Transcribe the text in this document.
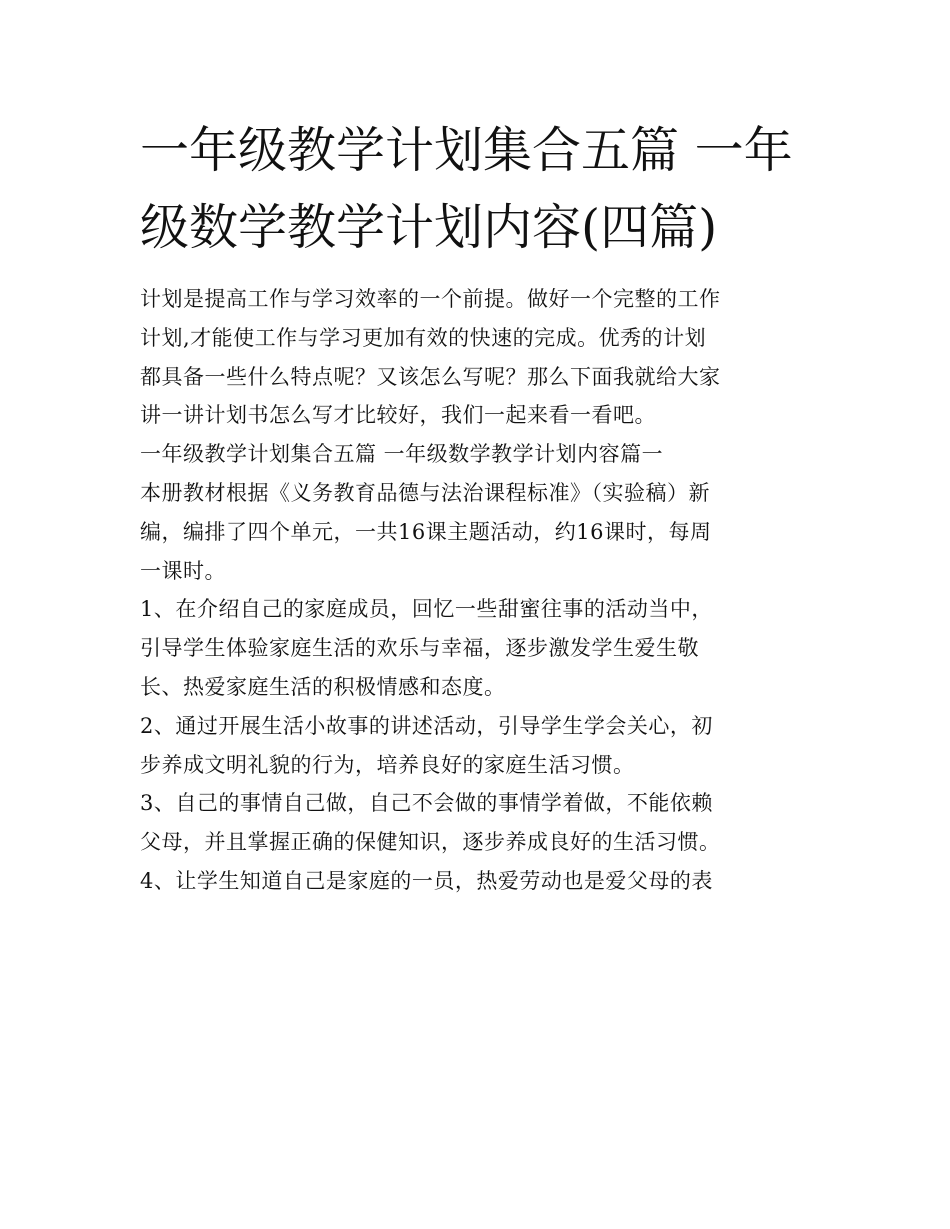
一年级教学计划集合五篇 一年
级数学教学计划内容(四篇)
计划是提高工作与学习效率的一个前提。做好一个完整的工作
计划,才能使工作与学习更加有效的快速的完成。优秀的计划
都具备一些什么特点呢？又该怎么写呢？那么下面我就给大家
讲一讲计划书怎么写才比较好，我们一起来看一看吧。
一年级教学计划集合五篇 一年级数学教学计划内容篇一
本册教材根据《义务教育品德与法治课程标准》（实验稿）新
编，编排了四个单元，一共16课主题活动，约16课时，每周
一课时。
1、在介绍自己的家庭成员，回忆一些甜蜜往事的活动当中，
引导学生体验家庭生活的欢乐与幸福，逐步激发学生爱生敬
长、热爱家庭生活的积极情感和态度。
2、通过开展生活小故事的讲述活动，引导学生学会关心，初
步养成文明礼貌的行为，培养良好的家庭生活习惯。
3、自己的事情自己做，自己不会做的事情学着做，不能依赖
父母，并且掌握正确的保健知识，逐步养成良好的生活习惯。
4、让学生知道自己是家庭的一员，热爱劳动也是爱父母的表
